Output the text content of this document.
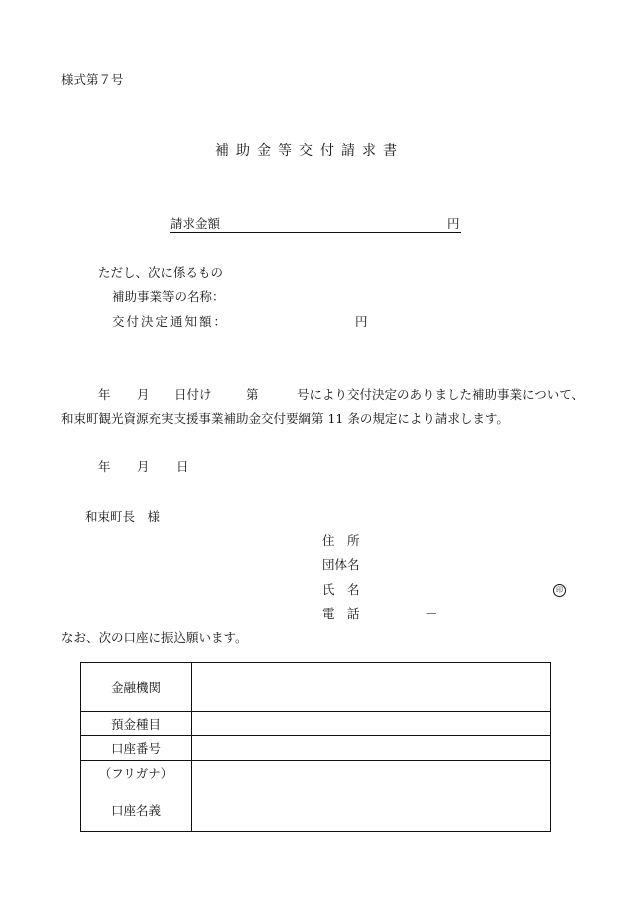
様式第７号
補助金等交付請求書
請求金額	円
ただし、次に係るもの
補助事業等の名称：
交付決定通知額：	円
年 月 日付け	第	号により交付決定のありました補助事業について、
和束町観光資源充実支援事業補助金交付要綱第 11 条の規定により請求します。
年 月 日
和束町長　様
住　所
団体名
氏　名	印
電　話	－
なお、次の口座に振込願います。
金融機関	
預金種目	
口座番号	

（フリガナ）
口座名義	
